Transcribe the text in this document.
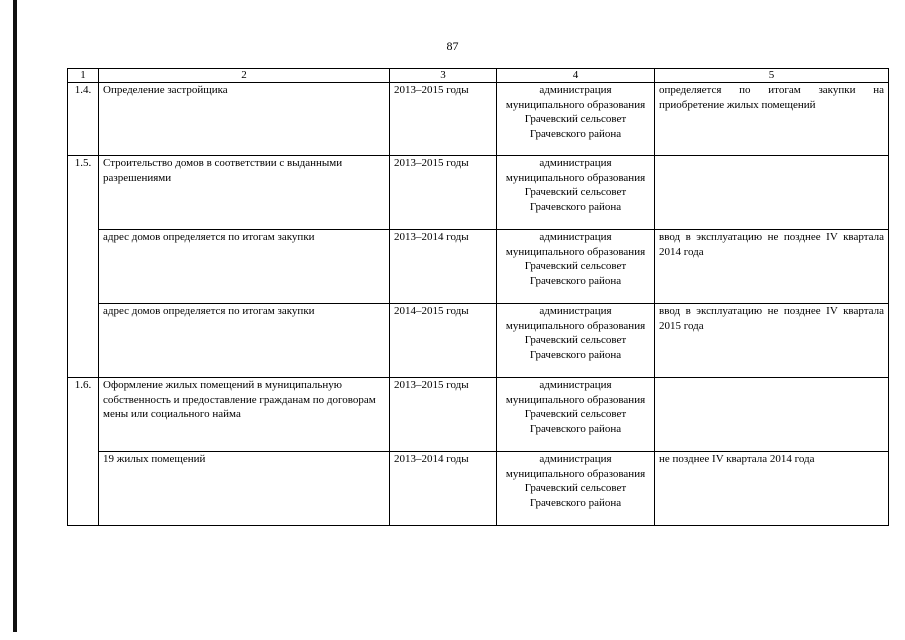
87
1	2	3	4	5
1.4.	Определение застройщика	2013–2015 годы	администрация муниципального образования Грачевский сельсовет Грачевского района	определяется по итогам закупки на приобретение жилых помещений
1.5.	Строительство домов в соответствии с выданными разрешениями	2013–2015 годы	администрация муниципального образования Грачевский сельсовет Грачевского района	
	адрес домов определяется по итогам закупки	2013–2014 годы	администрация муниципального образования Грачевский сельсовет Грачевского района	ввод в эксплуатацию не позднее IV квартала 2014 года
	адрес домов определяется по итогам закупки	2014–2015 годы	администрация муниципального образования Грачевский сельсовет Грачевского района	ввод в эксплуатацию не позднее IV квартала 2015 года
1.6.	Оформление жилых помещений в муниципальную собственность и предоставление гражданам по договорам мены или социального найма	2013–2015 годы	администрация муниципального образования Грачевский сельсовет Грачевского района	
	19 жилых помещений	2013–2014 годы	администрация муниципального образования Грачевский сельсовет Грачевского района	не позднее IV квартала 2014 года
